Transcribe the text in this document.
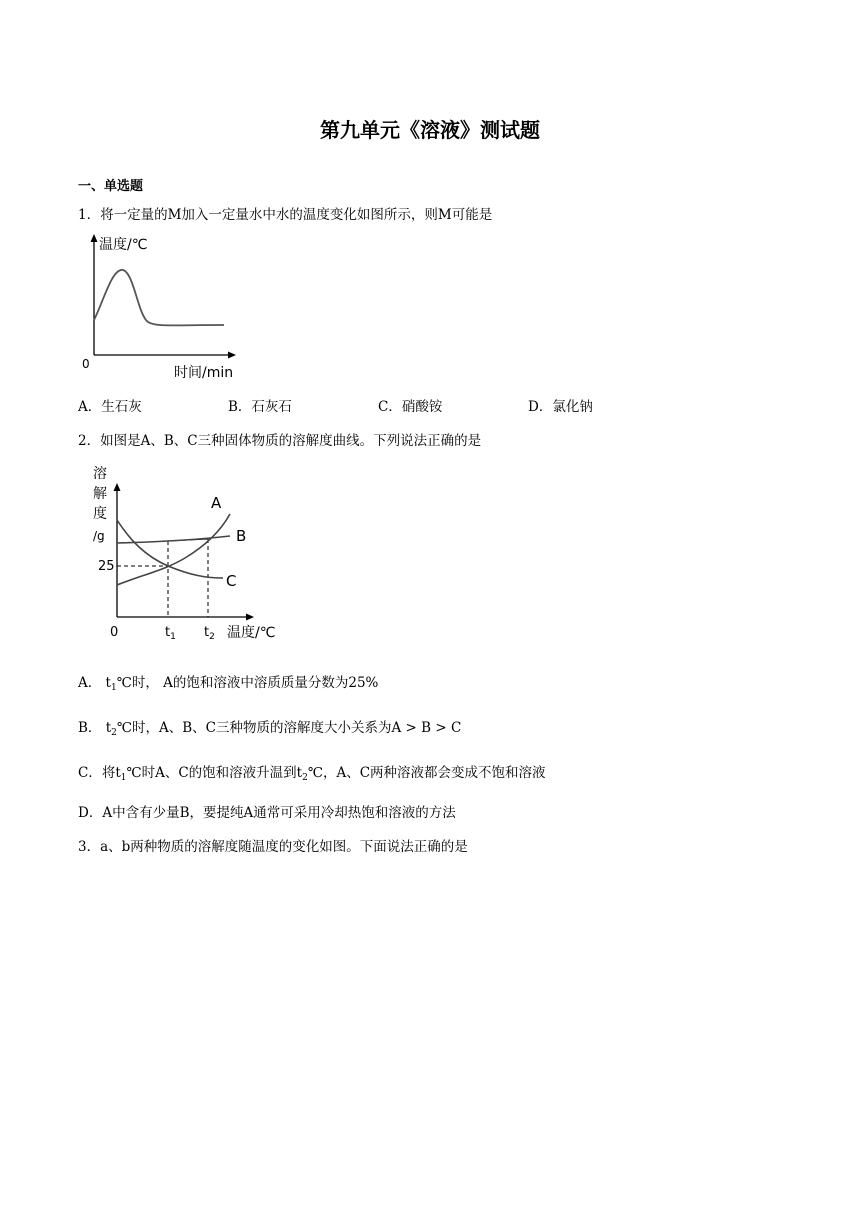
第九单元《溶液》测试题
一、单选题
1．将一定量的M加入一定量水中水的温度变化如图所示，则M可能是
温度/℃
0
时间/min
A．生石灰	B．石灰石	C．硝酸铵	D．氯化钠
2．如图是A、B、C三种固体物质的溶解度曲线。下列说法正确的是
溶
解
度
/g
A
B
C
25
0	$t_1$ $t_2$ 温度/℃
A． $t_1℃$时， A的饱和溶液中溶质质量分数为25%
B． $t_2℃$时，A、B、C三种物质的溶解度大小关系为A > B > C
C．将$t_1℃$时A、C的饱和溶液升温到$t_2℃$，A、C两种溶液都会变成不饱和溶液
D．A中含有少量B，要提纯A通常可采用冷却热饱和溶液的方法
3．a、b两种物质的溶解度随温度的变化如图。下面说法正确的是
